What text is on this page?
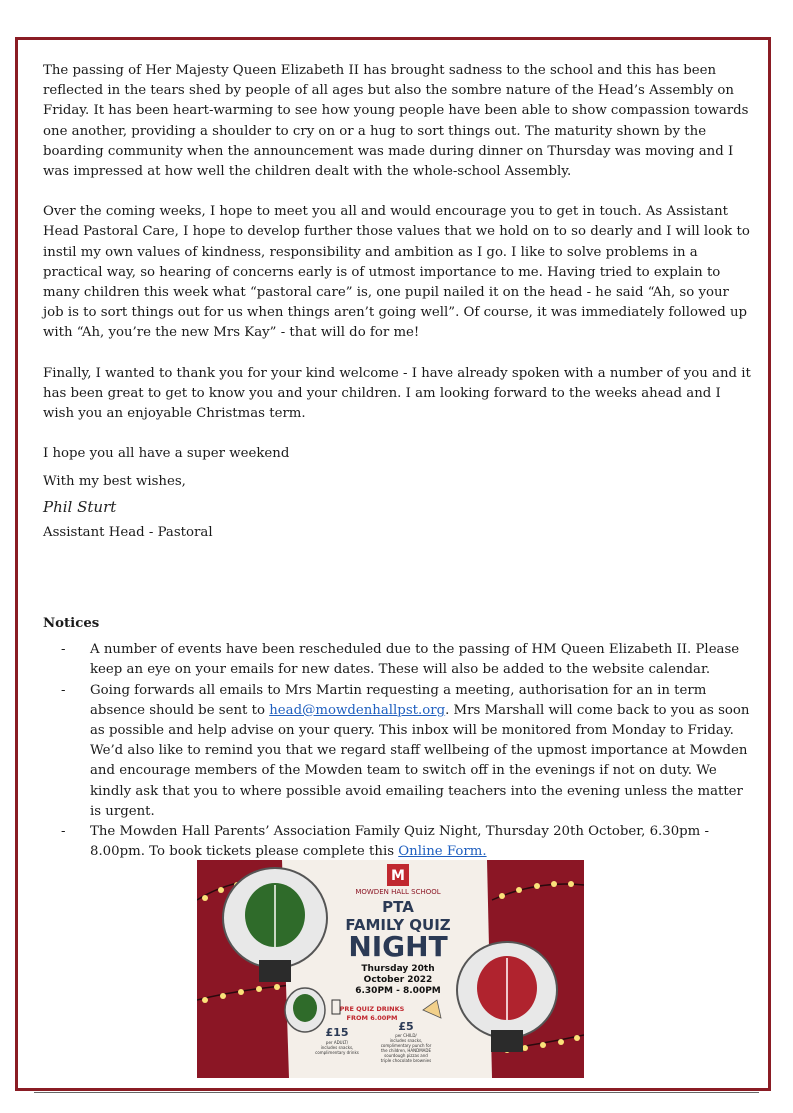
The passing of Her Majesty Queen Elizabeth II has brought sadness to the school and this has been reflected in the tears shed by people of all ages but also the sombre nature of the Head’s Assembly on Friday. It has been heart-warming to see how young people have been able to show compassion towards one another, providing a shoulder to cry on or a hug to sort things out. The maturity shown by the boarding community when the announcement was made during dinner on Thursday was moving and I was impressed at how well the children dealt with the whole-school Assembly.

Over the coming weeks, I hope to meet you all and would encourage you to get in touch. As Assistant Head Pastoral Care, I hope to develop further those values that we hold on to so dearly and I will look to instil my own values of kindness, responsibility and ambition as I go. I like to solve problems in a practical way, so hearing of concerns early is of utmost importance to me. Having tried to explain to many children this week what “pastoral care” is, one pupil nailed it on the head - he said “Ah, so your job is to sort things out for us when things aren’t going well”. Of course, it was immediately followed up with “Ah, you’re the new Mrs Kay” - that will do for me!

Finally, I wanted to thank you for your kind welcome - I have already spoken with a number of you and it has been great to get to know you and your children. I am looking forward to the weeks ahead and I wish you an enjoyable Christmas term.

I hope you all have a super weekend

With my best wishes,

Phil Sturt

Assistant Head - Pastoral

Notices

- A number of events have been rescheduled due to the passing of HM Queen Elizabeth II. Please keep an eye on your emails for new dates. These will also be added to the website calendar.
- Going forwards all emails to Mrs Martin requesting a meeting, authorisation for an in term absence should be sent to head@mowdenhallpst.org. Mrs Marshall will come back to you as soon as possible and help advise on your query. This inbox will be monitored from Monday to Friday. We’d also like to remind you that we regard staff wellbeing of the upmost importance at Mowden and encourage members of the Mowden team to switch off in the evenings if not on duty. We kindly ask that you to where possible avoid emailing teachers into the evening unless the matter is urgent.
- The Mowden Hall Parents’ Association Family Quiz Night, Thursday 20th October, 6.30pm - 8.00pm. To book tickets please complete this Online Form.
M
MOWDEN HALL SCHOOL
PTA
FAMILY QUIZ
NIGHT
Thursday 20th
October 2022
6.30PM - 8.00PM
PRE QUIZ DRINKS
FROM 6.00PM
£15	£5
per ADULT/
includes snacks,
complimentary drinks
per CHILD/
includes snacks,
complimentary punch for
the children, HANDMADE
sourdough pizzas and
triple chocolate brownies
